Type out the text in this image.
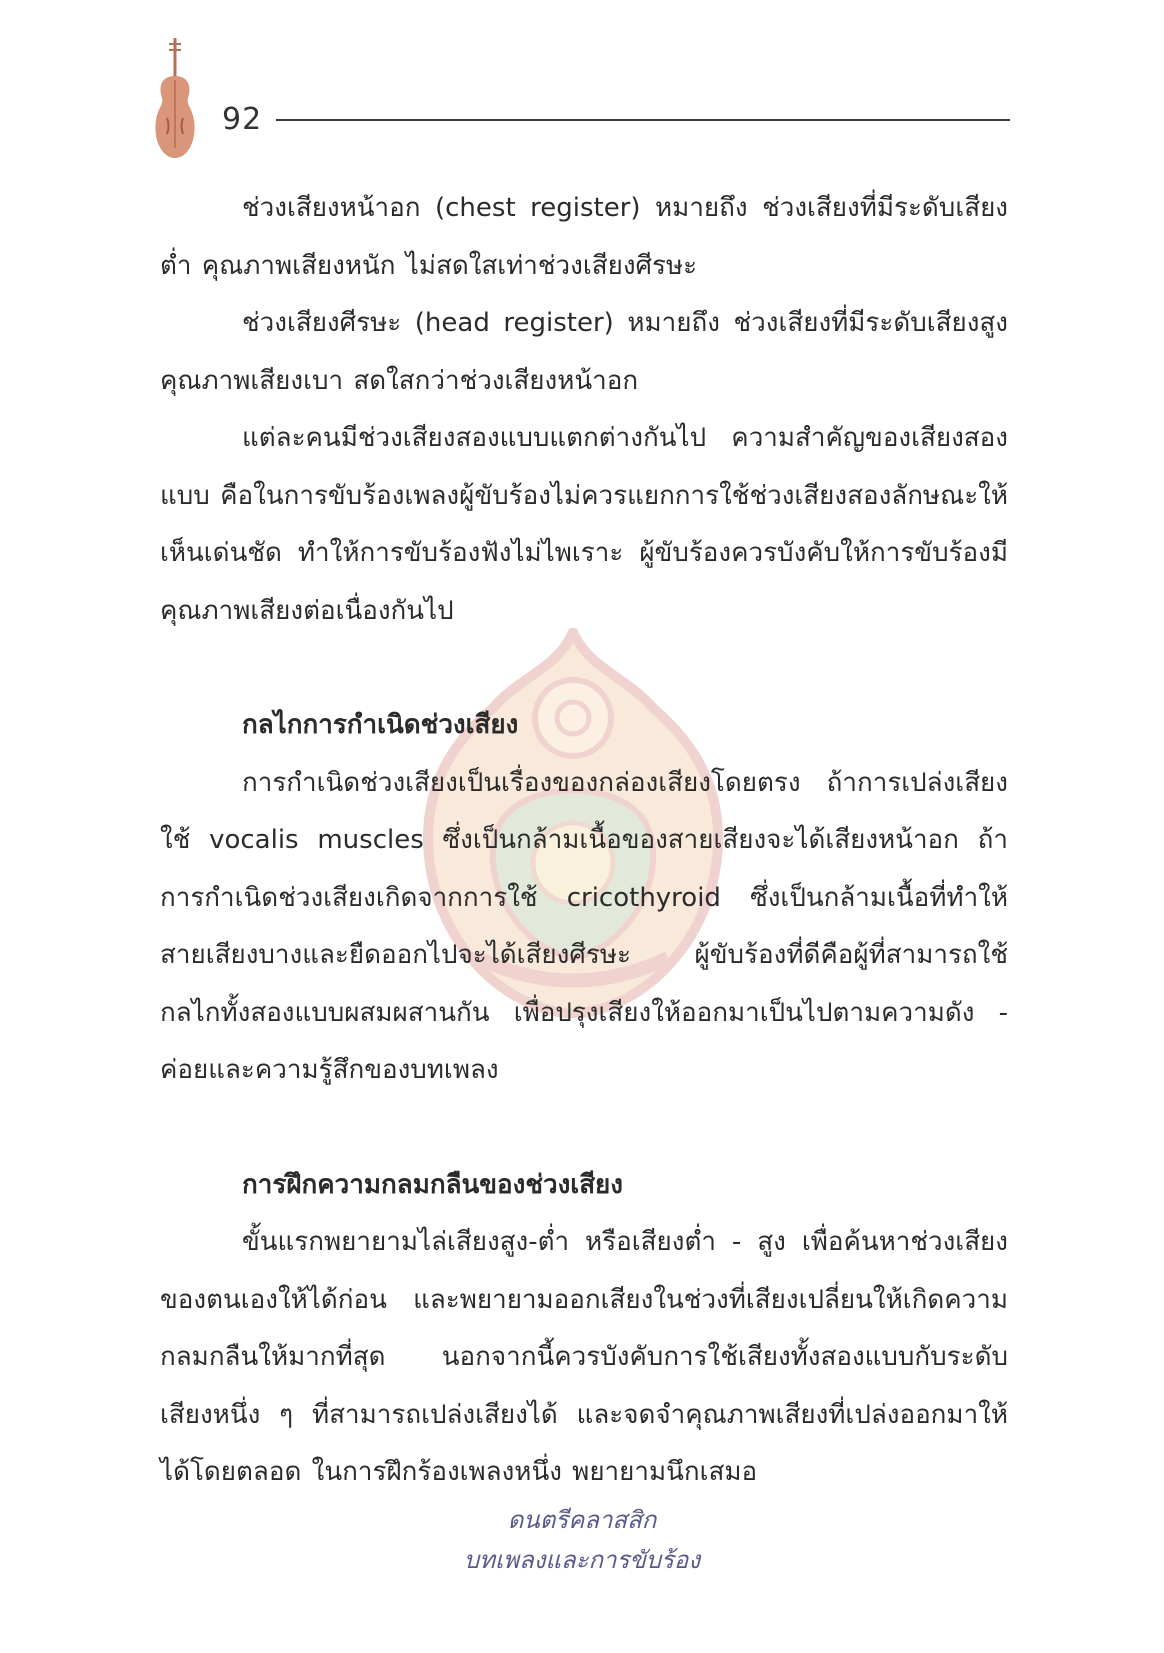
92

ช่วงเสียงหน้าอก (chest register) หมายถึง ช่วงเสียงที่มีระดับเสียงต่ำ คุณภาพเสียงหนัก ไม่สดใสเท่าช่วงเสียงศีรษะ

ช่วงเสียงศีรษะ (head register) หมายถึง ช่วงเสียงที่มีระดับเสียงสูง คุณภาพเสียงเบา สดใสกว่าช่วงเสียงหน้าอก

แต่ละคนมีช่วงเสียงสองแบบแตกต่างกันไป ความสำคัญของเสียงสองแบบ คือในการขับร้องเพลงผู้ขับร้องไม่ควรแยกการใช้ช่วงเสียงสองลักษณะให้เห็นเด่นชัด ทำให้การขับร้องฟังไม่ไพเราะ ผู้ขับร้องควรบังคับให้การขับร้องมีคุณภาพเสียงต่อเนื่องกันไป

กลไกการกำเนิดช่วงเสียง

การกำเนิดช่วงเสียงเป็นเรื่องของกล่องเสียงโดยตรง ถ้าการเปล่งเสียงใช้ vocalis muscles ซึ่งเป็นกล้ามเนื้อของสายเสียงจะได้เสียงหน้าอก ถ้าการกำเนิดช่วงเสียงเกิดจากการใช้ cricothyroid ซึ่งเป็นกล้ามเนื้อที่ทำให้สายเสียงบางและยืดออกไปจะได้เสียงศีรษะ ผู้ขับร้องที่ดีคือผู้ที่สามารถใช้กลไกทั้งสองแบบผสมผสานกัน เพื่อปรุงเสียงให้ออกมาเป็นไปตามความดัง - ค่อยและความรู้สึกของบทเพลง

การฝึกความกลมกลืนของช่วงเสียง

ขั้นแรกพยายามไล่เสียงสูง-ต่ำ หรือเสียงต่ำ - สูง เพื่อค้นหาช่วงเสียงของตนเองให้ได้ก่อน และพยายามออกเสียงในช่วงที่เสียงเปลี่ยนให้เกิดความกลมกลืนให้มากที่สุด นอกจากนี้ควรบังคับการใช้เสียงทั้งสองแบบกับระดับเสียงหนึ่ง ๆ ที่สามารถเปล่งเสียงได้ และจดจำคุณภาพเสียงที่เปล่งออกมาให้ได้โดยตลอด ในการฝึกร้องเพลงหนึ่ง พยายามนึกเสมอ

ดนตรีคลาสสิก
บทเพลงและการขับร้อง
